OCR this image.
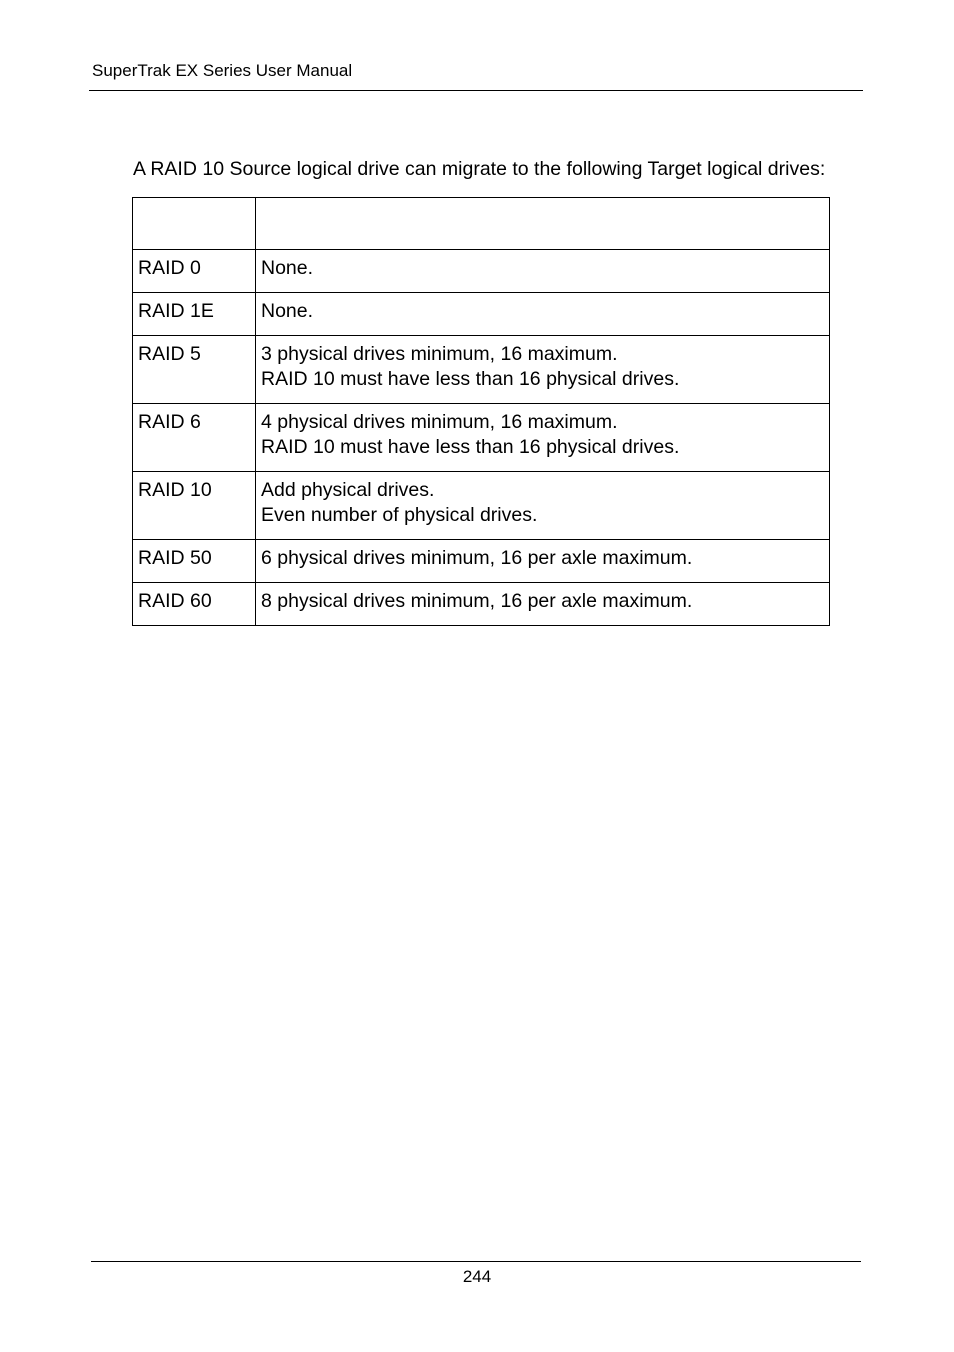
SuperTrak EX Series User Manual
A RAID 10 Source logical drive can migrate to the following Target logical drives:

RAID 0	None.

RAID 1E	None.

RAID 5	3 physical drives minimum, 16 maximum.
RAID 10 must have less than 16 physical drives.

RAID 6	4 physical drives minimum, 16 maximum.
RAID 10 must have less than 16 physical drives.

RAID 10	Add physical drives.
Even number of physical drives.

RAID 50	6 physical drives minimum, 16 per axle maximum.

RAID 60	8 physical drives minimum, 16 per axle maximum.
244
